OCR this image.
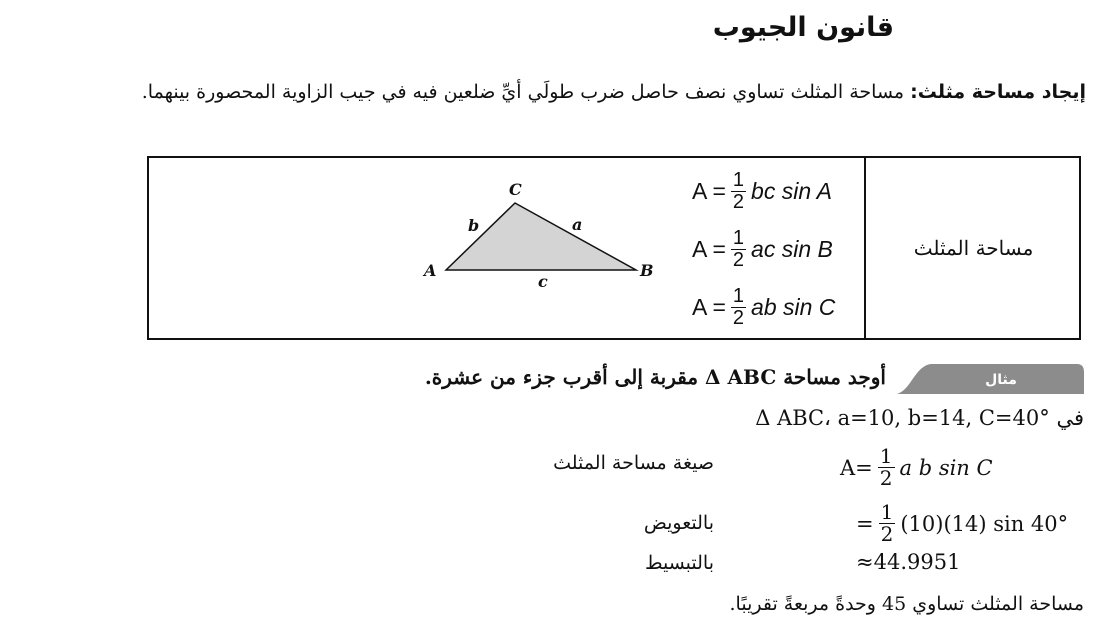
قانون الجيوب
إيجاد مساحة مثلث: مساحة المثلث تساوي نصف حاصل ضرب طولَي أيِّ ضلعين فيه في جيب الزاوية المحصورة بينهما.
مساحة المثلث
$A = \frac{1}{2}$ bc sin A
$A = \frac{1}{2}$ ac sin B
$A = \frac{1}{2}$ ab sin C
A	B
C
a
b
c
مثال
أوجد مساحة Δ ABC مقربة إلى أقرب جزء من عشرة.
Δ ABC، a=10, b=14, C=40° في
$A= \frac{1}{2}$ a b sin C
صيغة مساحة المثلث
= $\frac{1}{2} (10)(14)$ sin 40°
بالتعويض
≈44.9951
بالتبسيط
مساحة المثلث تساوي 45 وحدةً مربعةً تقريبًا.
